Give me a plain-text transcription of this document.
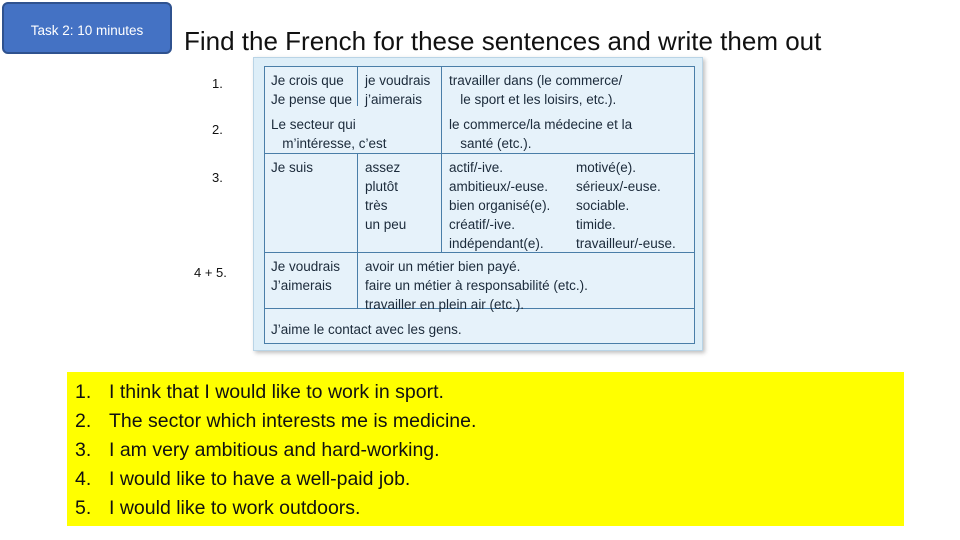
Task 2: 10 minutes Find the French for these sentences and write them out
1.
2.
3.
4 + 5.
Je crois que
Je pense que
je voudrais
j’aimerais
travailler dans (le commerce/
le sport et les loisirs, etc.).
Le secteur qui
m’intéresse, c’est
le commerce/la médecine et la
santé (etc.).
Je suis	assez
plutôt
très
un peu
actif/-ive.
ambitieux/-euse.
bien organisé(e).
créatif/-ive.
indépendant(e).
motivé(e).
sérieux/-euse.
sociable.
timide.
travailleur/-euse.
Je voudrais
J’aimerais
avoir un métier bien payé.
faire un métier à responsabilité (etc.).
travailler en plein air (etc.).
J’aime le contact avec les gens.
1. I think that I would like to work in sport.
2. The sector which interests me is medicine.
3. I am very ambitious and hard-working.
4. I would like to have a well-paid job.
5. I would like to work outdoors.
